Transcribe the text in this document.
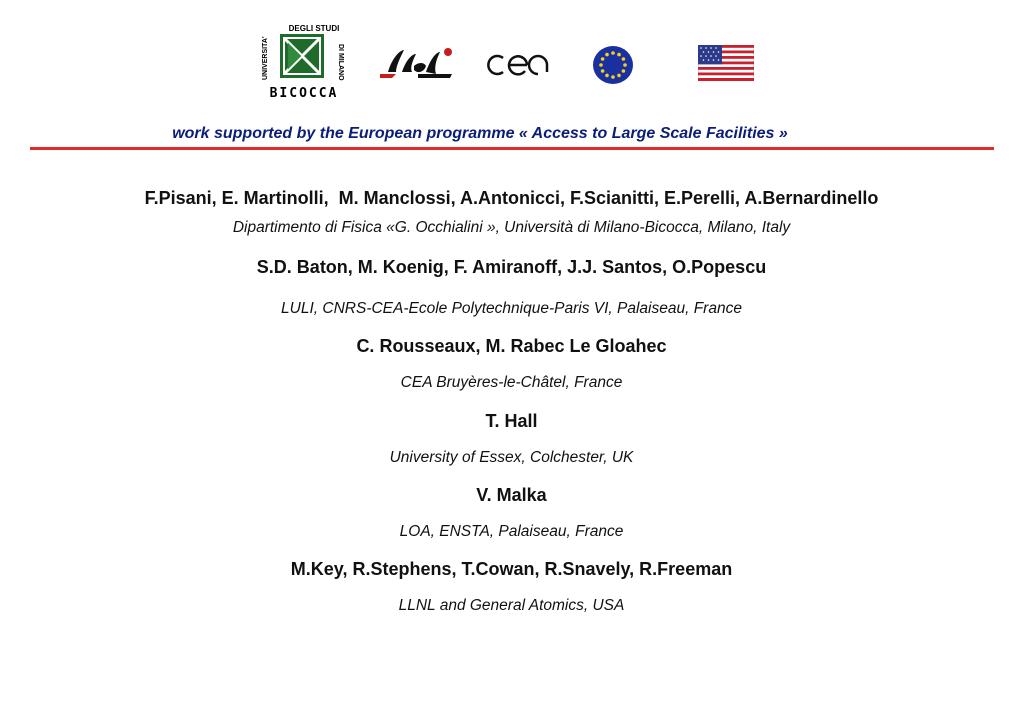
DEGLI STUDI
UNIVERSITA'	DI MILANO
BICOCCA
work supported by the European programme « Access to Large Scale Facilities »
F.Pisani, E. Martinolli,  M. Manclossi, A.Antonicci, F.Scianitti, E.Perelli, A.Bernardinello
Dipartimento di Fisica «G. Occhialini », Università di Milano-Bicocca, Milano, Italy
S.D. Baton, M. Koenig, F. Amiranoff, J.J. Santos, O.Popescu
LULI, CNRS-CEA-Ecole Polytechnique-Paris VI, Palaiseau, France
C. Rousseaux, M. Rabec Le Gloahec
CEA Bruyères-le-Châtel, France
T. Hall
University of Essex, Colchester, UK
V. Malka
LOA, ENSTA, Palaiseau, France
M.Key, R.Stephens, T.Cowan, R.Snavely, R.Freeman
LLNL and General Atomics, USA
